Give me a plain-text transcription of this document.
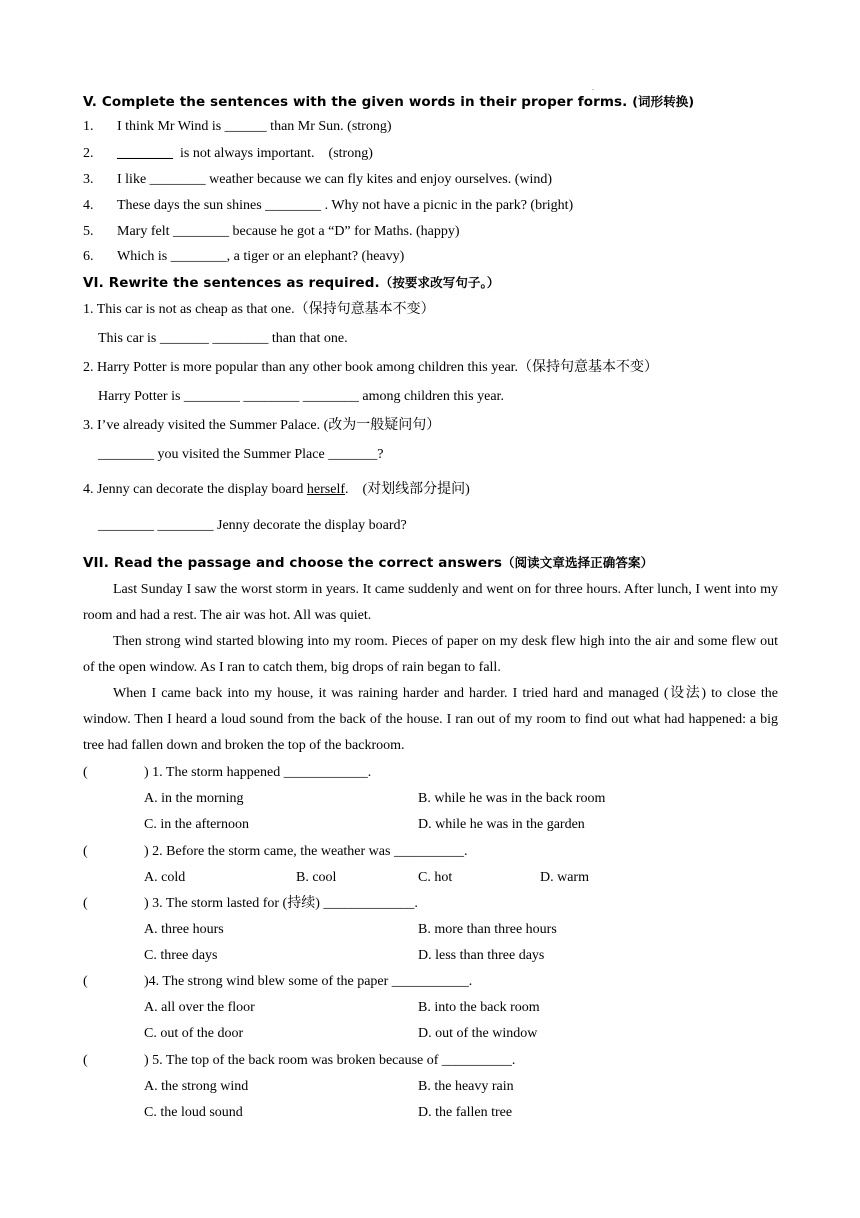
.
V. Complete the sentences with the given words in their proper forms. (词形转换)
1.	I think Mr Wind is ______ than Mr Sun. (strong)
2.	________  is not always important.    (strong)
3.	I like ________ weather because we can fly kites and enjoy ourselves. (wind)
4.	These days the sun shines ________ . Why not have a picnic in the park? (bright)
5.	Mary felt ________ because he got a “D” for Maths. (happy)
6.	Which is ________, a tiger or an elephant? (heavy)
VI. Rewrite the sentences as required.（按要求改写句子。）
1. This car is not as cheap as that one.（保持句意基本不变）
This car is _______ ________ than that one.
2. Harry Potter is more popular than any other book among children this year.（保持句意基本不变）
Harry Potter is ________ ________ ________ among children this year.
3. I’ve already visited the Summer Palace. (改为一般疑问句）
________ you visited the Summer Place _______?
4. Jenny can decorate the display board herself.    (对划线部分提问)
________ ________ Jenny decorate the display board?
VII. Read the passage and choose the correct answers（阅读文章选择正确答案）

Last Sunday I saw the worst storm in years. It came suddenly and went on for three hours. After lunch, I went into my room and had a rest. The air was hot. All was quiet.

Then strong wind started blowing into my room. Pieces of paper on my desk flew high into the air and some flew out of the open window. As I ran to catch them, big drops of rain began to fall.

When I came back into my house, it was raining harder and harder. I tried hard and managed (设法) to close the window. Then I heard a loud sound from the back of the house. I ran out of my room to find out what had happened: a big tree had fallen down and broken the top of the backroom.

(	) 1. The storm happened ____________.
A. in the morning	B. while he was in the back room
C. in the afternoon	D. while he was in the garden
(	) 2. Before the storm came, the weather was __________.
A. cold	B. cool	C. hot	D. warm
(	) 3. The storm lasted for (持续) _____________.
A. three hours	B. more than three hours
C. three days	D. less than three days
(	)4. The strong wind blew some of the paper ___________.
A. all over the floor	B. into the back room
C. out of the door	D. out of the window
(	) 5. The top of the back room was broken because of __________.
A. the strong wind	B. the heavy rain
C. the loud sound	D. the fallen tree
